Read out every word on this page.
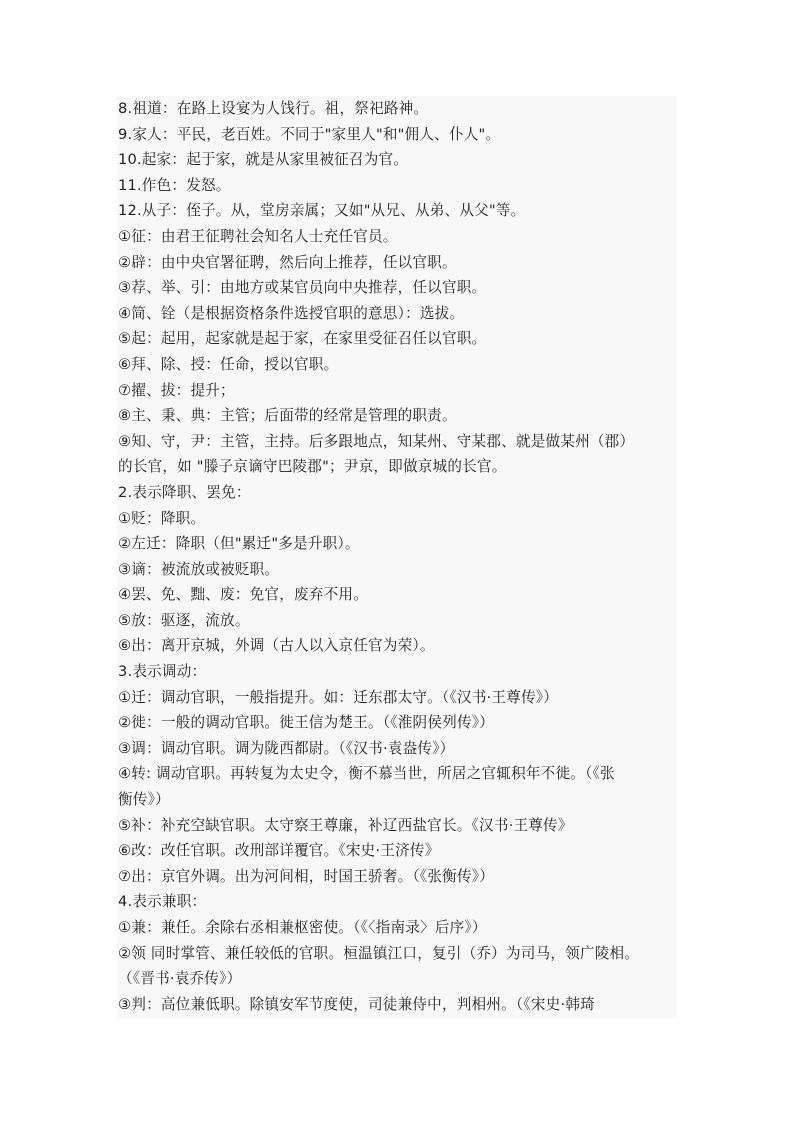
8.祖道：在路上设宴为人饯行。祖，祭祀路神。
9.家人：平民，老百姓。不同于"家里人"和"佣人、仆人"。
10.起家：起于家，就是从家里被征召为官。
11.作色：发怒。
12.从子：侄子。从，堂房亲属；又如"从兄、从弟、从父"等。
①征：由君王征聘社会知名人士充任官员。
②辟：由中央官署征聘，然后向上推荐，任以官职。
③荐、举、引：由地方或某官员向中央推荐，任以官职。
④简、铨（是根据资格条件选授官职的意思）：选拔。
⑤起：起用，起家就是起于家，在家里受征召任以官职。
⑥拜、除、授：任命，授以官职。
⑦擢、拔：提升；
⑧主、秉、典：主管；后面带的经常是管理的职责。
⑨知、守，尹：主管，主持。后多跟地点，知某州、守某郡、就是做某州（郡）
的长官，如 "滕子京谪守巴陵郡"；尹京，即做京城的长官。
2.表示降职、罢免：
①贬：降职。
②左迁：降职（但"累迁"多是升职）。
③谪：被流放或被贬职。
④罢、免、黜、废：免官，废弃不用。
⑤放：驱逐，流放。
⑥出：离开京城，外调（古人以入京任官为荣）。
3.表示调动：
①迁：调动官职，一般指提升。如：迁东郡太守。（《汉书·王尊传》）
②徙：一般的调动官职。徙王信为楚王。（《淮阴侯列传》）
③调：调动官职。调为陇西都尉。（《汉书·袁盎传》）
④转: 调动官职。再转复为太史令，衡不慕当世，所居之官辄积年不徙。（《张
衡传》）
⑤补：补充空缺官职。太守察王尊廉，补辽西盐官长。《汉书·王尊传》
⑥改：改任官职。改刑部详覆官。《宋史·王济传》
⑦出：京官外调。出为河间相，时国王骄奢。（《张衡传》）
4.表示兼职：
①兼：兼任。余除右丞相兼枢密使。（《〈指南录〉后序》）
②领 同时掌管、兼任较低的官职。桓温镇江口，复引（乔）为司马，领广陵相。
（《晋书·袁乔传》）
③判：高位兼低职。除镇安军节度使，司徒兼侍中，判相州。（《宋史·韩琦
